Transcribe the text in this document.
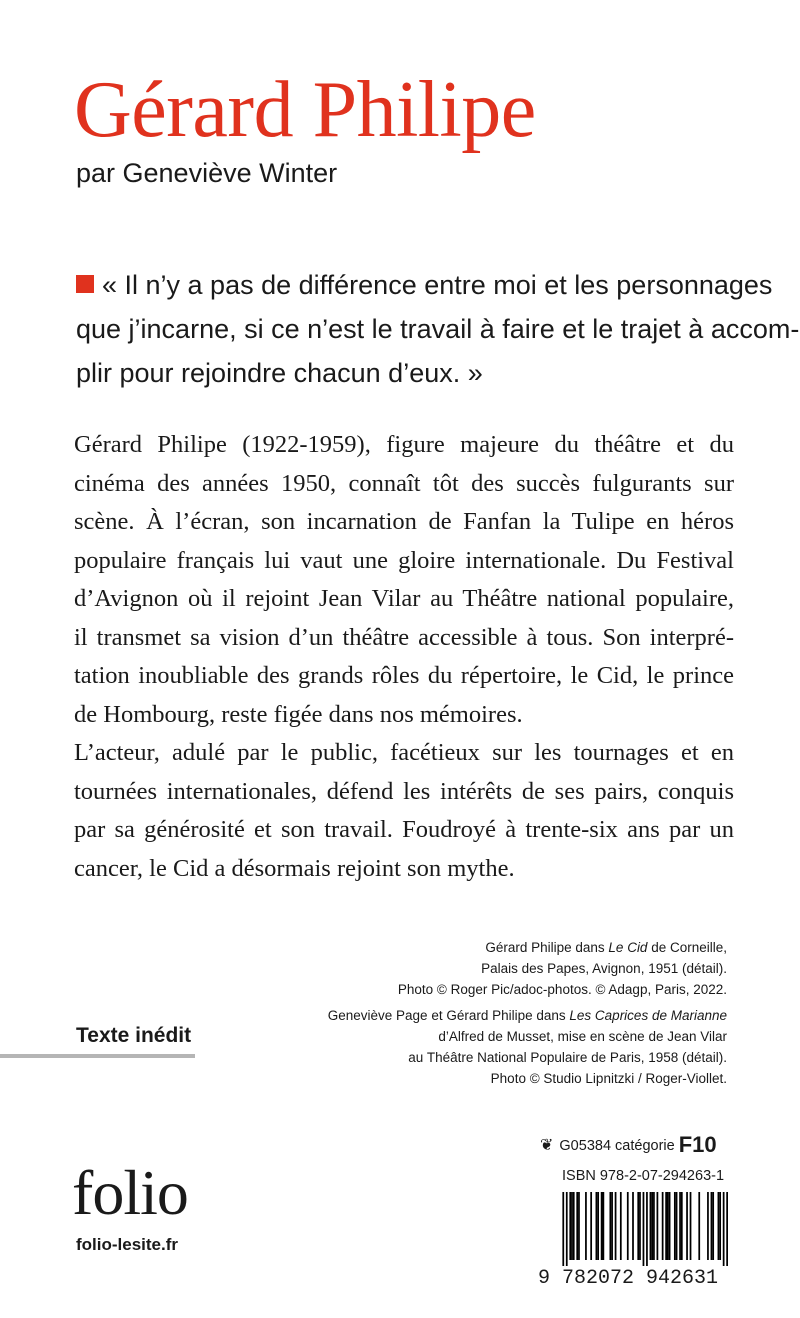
Gérard Philipe
par Geneviève Winter
« Il n’y a pas de différence entre moi et les personnages
que j’incarne, si ce n’est le travail à faire et le trajet à accom-
plir pour rejoindre chacun d’eux. »
Gérard Philipe (1922-1959), figure majeure du théâtre et du
cinéma des années 1950, connaît tôt des succès fulgurants sur
scène. À l’écran, son incarnation de Fanfan la Tulipe en héros
populaire français lui vaut une gloire internationale. Du Festival
d’Avignon où il rejoint Jean Vilar au Théâtre national populaire,
il transmet sa vision d’un théâtre accessible à tous. Son interpré-
tation inoubliable des grands rôles du répertoire, le Cid, le prince
de Hombourg, reste figée dans nos mémoires.
L’acteur, adulé par le public, facétieux sur les tournages et en
tournées internationales, défend les intérêts de ses pairs, conquis
par sa générosité et son travail. Foudroyé à trente-six ans par un
cancer, le Cid a désormais rejoint son mythe.
Gérard Philipe dans Le Cid de Corneille,
Palais des Papes, Avignon, 1951 (détail).
Photo © Roger Pic/adoc-photos. © Adagp, Paris, 2022.
Geneviève Page et Gérard Philipe dans Les Caprices de Marianne
d’Alfred de Musset, mise en scène de Jean Vilar
au Théâtre National Populaire de Paris, 1958 (détail).
Photo © Studio Lipnitzki / Roger-Viollet.
Texte inédit
❦ G05384 catégorie F10
ISBN 978-2-07-294263-1
9 782072 942631
folio
folio-lesite.fr
